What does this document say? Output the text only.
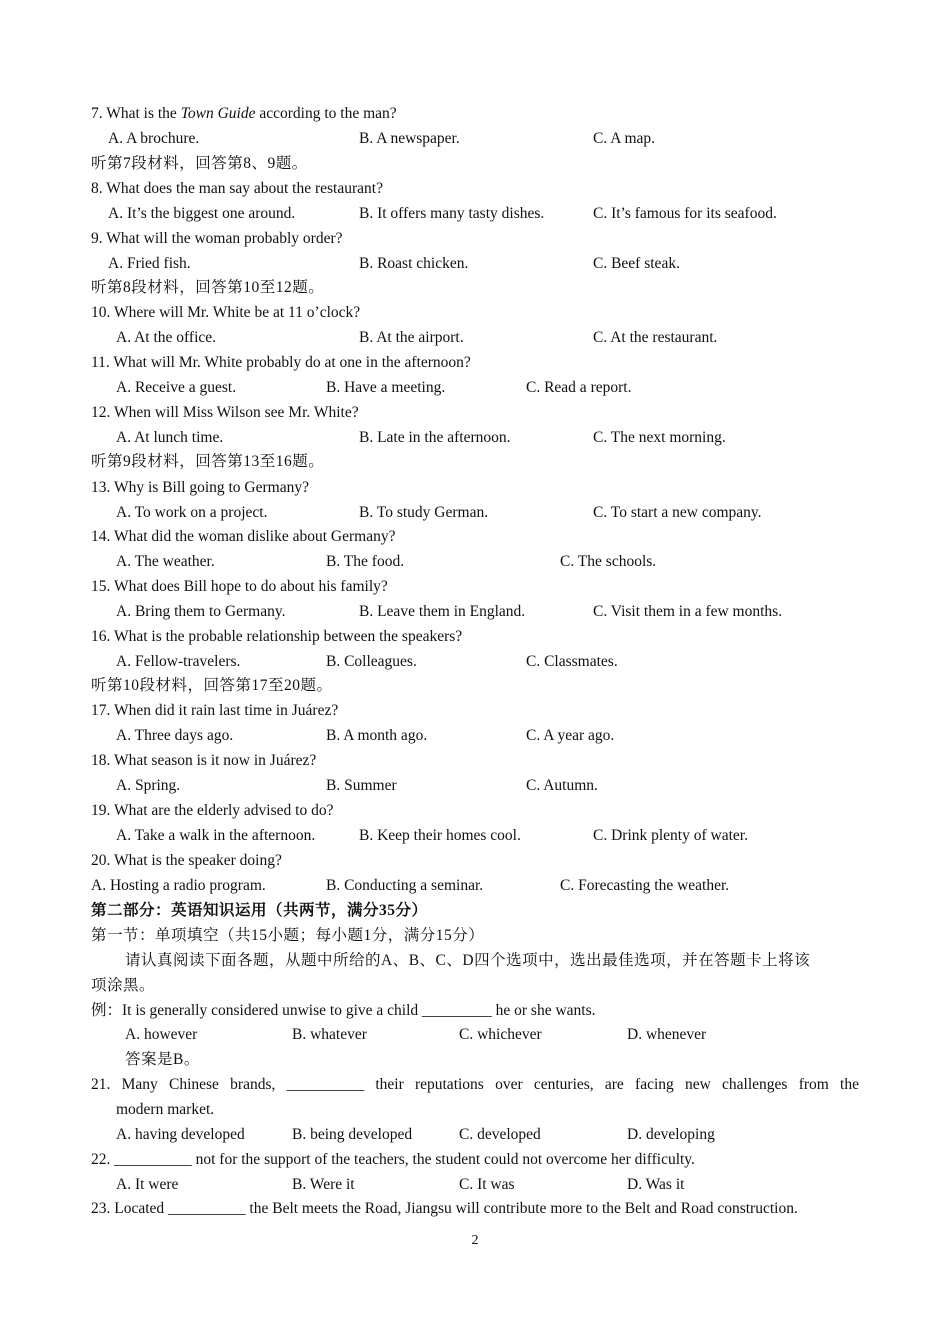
7. What is the Town Guide according to the man?
A. A brochure.	B. A newspaper.	C. A map.
听第7段材料，回答第8、9题。
8. What does the man say about the restaurant?
A. It’s the biggest one around.	B. It offers many tasty dishes.	C. It’s famous for its seafood.
9. What will the woman probably order?
A. Fried fish.	B. Roast chicken.	C. Beef steak.
听第8段材料，回答第10至12题。
10. Where will Mr. White be at 11 o’clock?
A. At the office.	B. At the airport.	C. At the restaurant.
11. What will Mr. White probably do at one in the afternoon?
A. Receive a guest.	B. Have a meeting.	C. Read a report.
12. When will Miss Wilson see Mr. White?
A. At lunch time.	B. Late in the afternoon.	C. The next morning.
听第9段材料，回答第13至16题。
13. Why is Bill going to Germany?
A. To work on a project.	B. To study German.	C. To start a new company.
14. What did the woman dislike about Germany?
A. The weather.	B. The food.	C. The schools.
15. What does Bill hope to do about his family?
A. Bring them to Germany.	B. Leave them in England.	C. Visit them in a few months.
16. What is the probable relationship between the speakers?
A. Fellow-travelers.	B. Colleagues.	C. Classmates.
听第10段材料，回答第17至20题。
17. When did it rain last time in Juárez?
A. Three days ago.	B. A month ago.	C. A year ago.
18. What season is it now in Juárez?
A. Spring.	B. Summer	C. Autumn.
19. What are the elderly advised to do?
A. Take a walk in the afternoon.	B. Keep their homes cool.	C. Drink plenty of water.
20. What is the speaker doing?
A. Hosting a radio program.	B. Conducting a seminar.	C. Forecasting the weather.
第二部分：英语知识运用（共两节，满分35分）
第一节：单项填空（共15小题；每小题1分，满分15分）
请认真阅读下面各题，从题中所给的A、B、C、D四个选项中，选出最佳选项，并在答题卡上将该
项涂黑。
例：It is generally considered unwise to give a child _________ he or she wants.
A. however	B. whatever	C. whichever	D. whenever
答案是B。
21. Many Chinese brands, __________ their reputations over centuries, are facing new challenges from the
modern market.
A. having developed	B. being developed	C. developed	D. developing
22. __________ not for the support of the teachers, the student could not overcome her difficulty.
A. It were	B. Were it	C. It was	D. Was it
23. Located __________ the Belt meets the Road, Jiangsu will contribute more to the Belt and Road construction.
2
